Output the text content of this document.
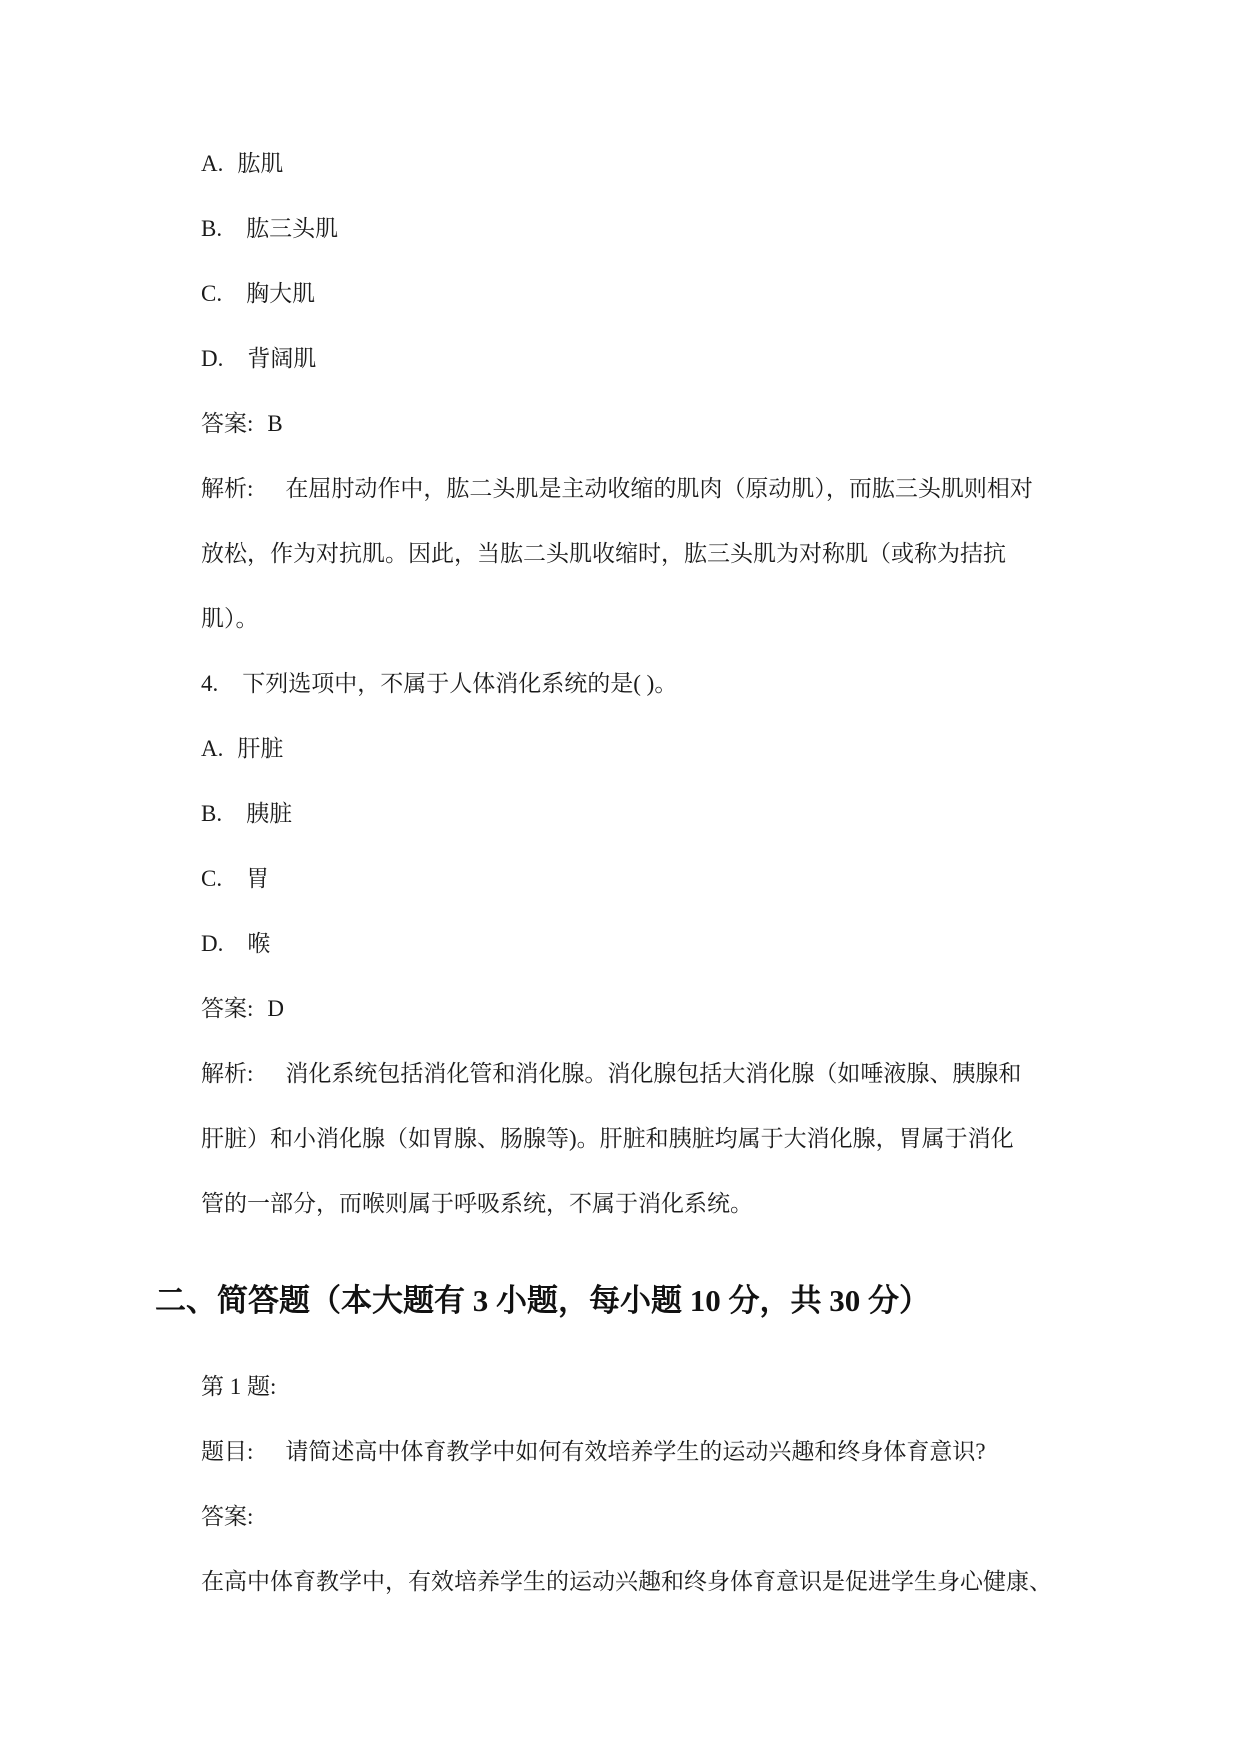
A. 肱肌
B. 肱三头肌
C. 胸大肌
D. 背阔肌
答案: B
解析: 在屈肘动作中，肱二头肌是主动收缩的肌肉（原动肌），而肱三头肌则相对
放松，作为对抗肌。因此，当肱二头肌收缩时，肱三头肌为对称肌（或称为拮抗
肌）。
4. 下列选项中，不属于人体消化系统的是( )。
A. 肝脏
B. 胰脏
C. 胃
D. 喉
答案: D
解析: 消化系统包括消化管和消化腺。消化腺包括大消化腺（如唾液腺、胰腺和
肝脏）和小消化腺（如胃腺、肠腺等)。肝脏和胰脏均属于大消化腺，胃属于消化
管的一部分，而喉则属于呼吸系统，不属于消化系统。
二、简答题（本大题有 3 小题，每小题 10 分，共 30 分）
第 1 题:
题目: 请简述高中体育教学中如何有效培养学生的运动兴趣和终身体育意识?
答案:
在高中体育教学中，有效培养学生的运动兴趣和终身体育意识是促进学生身心健康、
